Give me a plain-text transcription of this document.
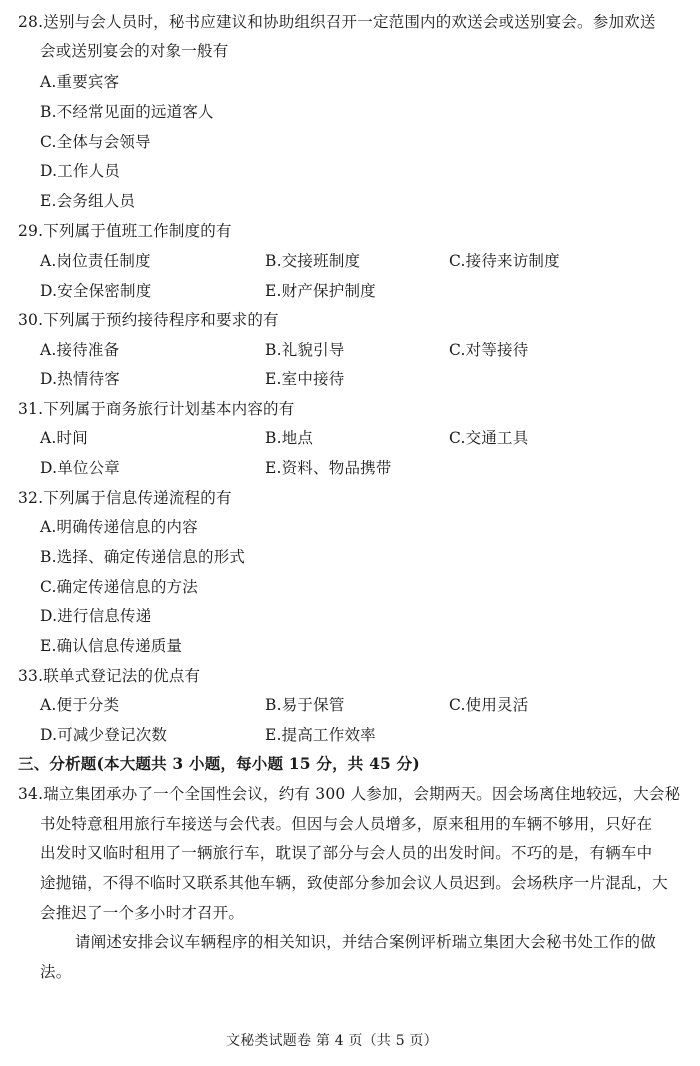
28.送别与会人员时，秘书应建议和协助组织召开一定范围内的欢送会或送别宴会。参加欢送
会或送别宴会的对象一般有
A.重要宾客
B.不经常见面的远道客人
C.全体与会领导
D.工作人员
E.会务组人员
29.下列属于值班工作制度的有
A.岗位责任制度	B.交接班制度	C.接待来访制度
D.安全保密制度	E.财产保护制度
30.下列属于预约接待程序和要求的有
A.接待准备	B.礼貌引导	C.对等接待
D.热情待客	E.室中接待
31.下列属于商务旅行计划基本内容的有
A.时间	B.地点	C.交通工具
D.单位公章	E.资料、物品携带
32.下列属于信息传递流程的有
A.明确传递信息的内容
B.选择、确定传递信息的形式
C.确定传递信息的方法
D.进行信息传递
E.确认信息传递质量
33.联单式登记法的优点有
A.便于分类	B.易于保管	C.使用灵活
D.可减少登记次数	E.提高工作效率
三、分析题(本大题共 3 小题，每小题 15 分，共 45 分)
34.瑞立集团承办了一个全国性会议，约有 300 人参加，会期两天。因会场离住地较远，大会秘
书处特意租用旅行车接送与会代表。但因与会人员增多，原来租用的车辆不够用，只好在
出发时又临时租用了一辆旅行车，耽误了部分与会人员的出发时间。不巧的是，有辆车中
途抛锚，不得不临时又联系其他车辆，致使部分参加会议人员迟到。会场秩序一片混乱，大
会推迟了一个多小时才召开。
请阐述安排会议车辆程序的相关知识，并结合案例评析瑞立集团大会秘书处工作的做
法。
文秘类试题卷 第 4 页（共 5 页）
